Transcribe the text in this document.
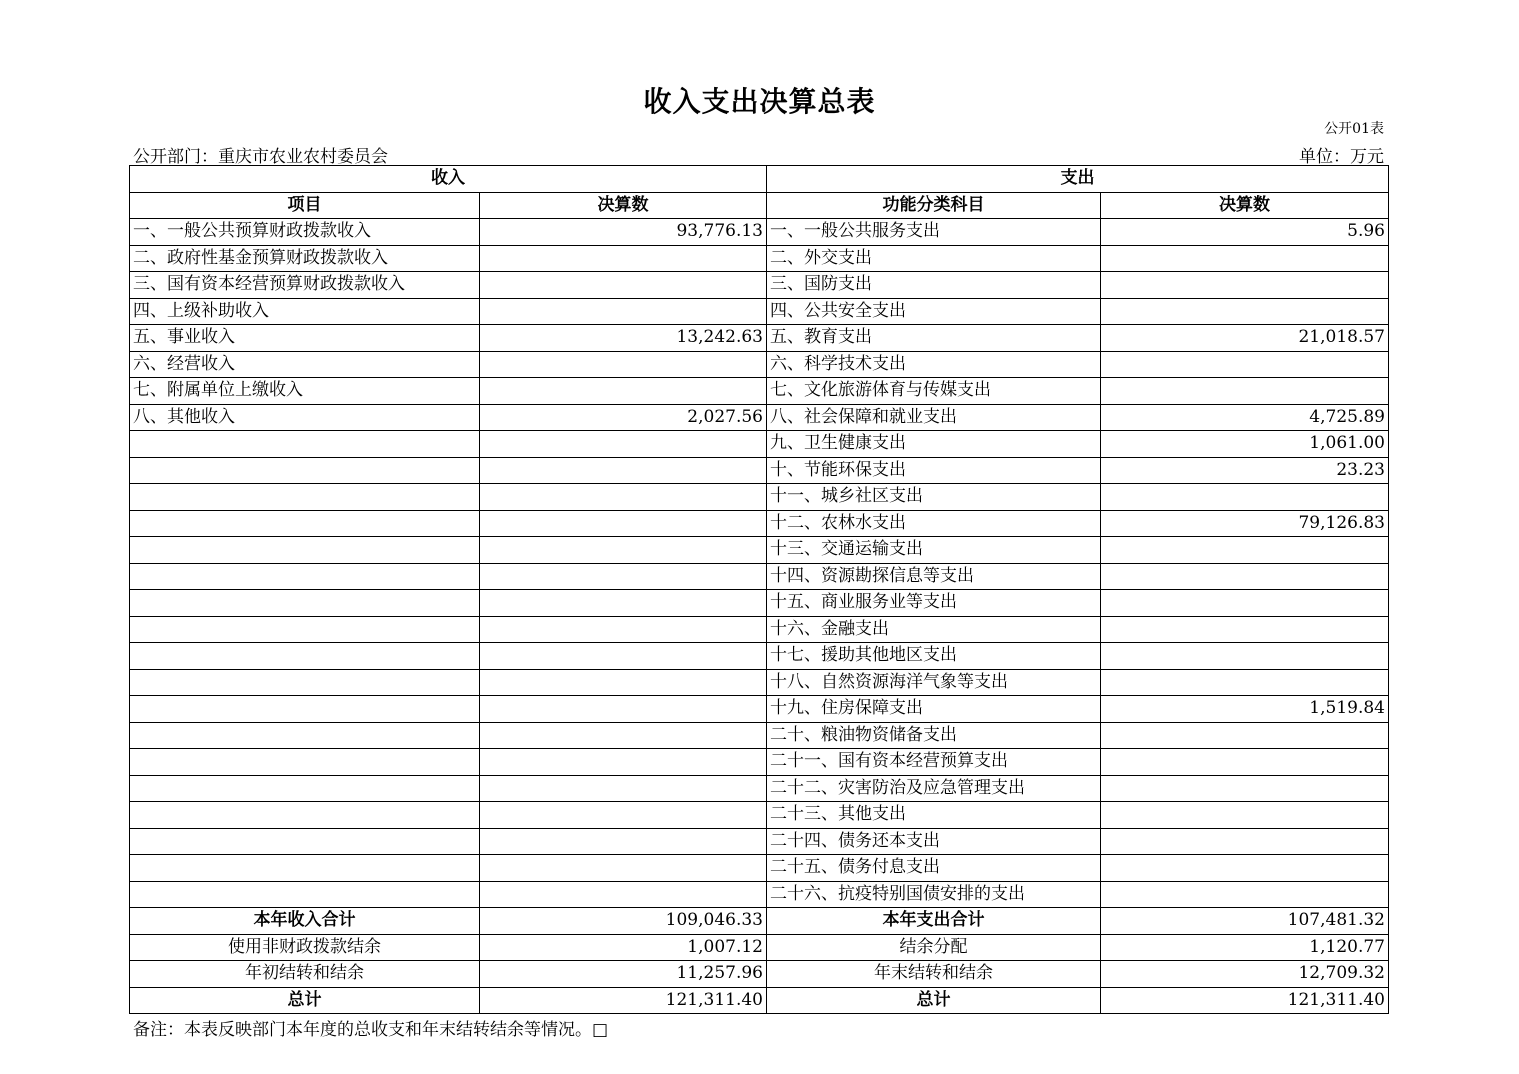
收入支出决算总表
公开01表
公开部门：重庆市农业农村委员会	单位：万元
收入		支出	
项目	决算数	功能分类科目	决算数
一、一般公共预算财政拨款收入	93,776.13	一、一般公共服务支出	5.96
二、政府性基金预算财政拨款收入		二、外交支出	
三、国有资本经营预算财政拨款收入		三、国防支出	
四、上级补助收入		四、公共安全支出	
五、事业收入	13,242.63	五、教育支出	21,018.57
六、经营收入		六、科学技术支出	
七、附属单位上缴收入		七、文化旅游体育与传媒支出	
八、其他收入	2,027.56	八、社会保障和就业支出	4,725.89
		九、卫生健康支出	1,061.00
		十、节能环保支出	23.23
		十一、城乡社区支出	
		十二、农林水支出	79,126.83
		十三、交通运输支出	
		十四、资源勘探信息等支出	
		十五、商业服务业等支出	
		十六、金融支出	
		十七、援助其他地区支出	
		十八、自然资源海洋气象等支出	
		十九、住房保障支出	1,519.84
		二十、粮油物资储备支出	
		二十一、国有资本经营预算支出	
		二十二、灾害防治及应急管理支出	
		二十三、其他支出	
		二十四、债务还本支出	
		二十五、债务付息支出	
		二十六、抗疫特别国债安排的支出	
本年收入合计	109,046.33	本年支出合计	107,481.32
使用非财政拨款结余	1,007.12	结余分配	1,120.77
年初结转和结余	11,257.96	年末结转和结余	12,709.32
总计	121,311.40	总计	121,311.40
备注：本表反映部门本年度的总收支和年末结转结余等情况。□
